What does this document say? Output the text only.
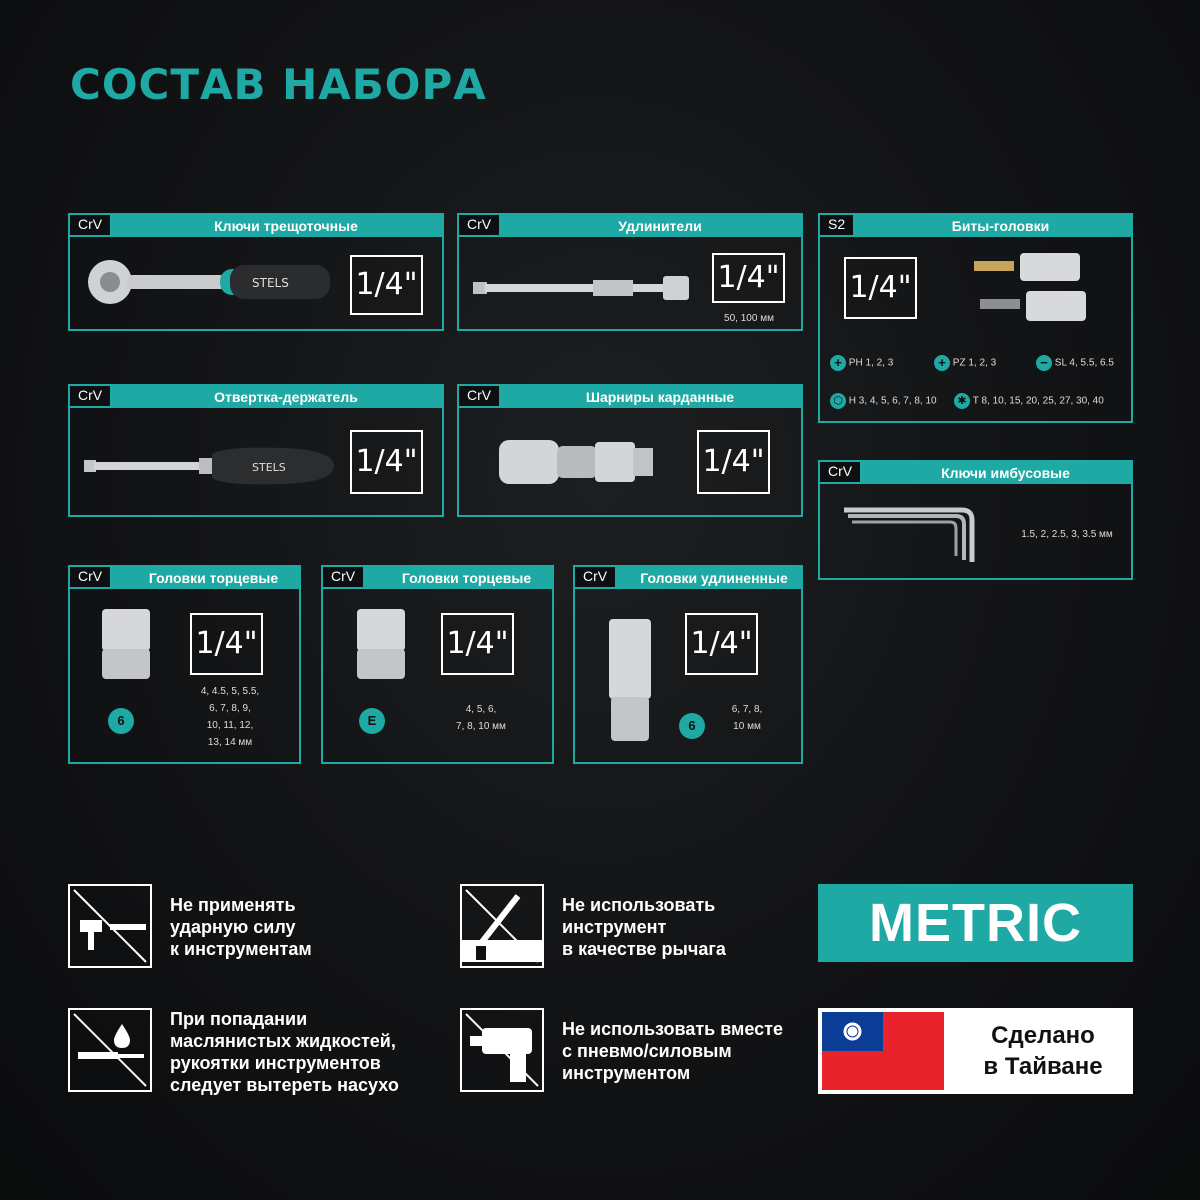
СОСТАВ НАБОРА
CrV	Ключи трещоточные
STELS 1/4"
CrV	Удлинители
1/4"
50, 100 мм
S2	Биты-головки
1/4"
+ PH 1, 2, 3	+ PZ 1, 2, 3	− SL 4, 5.5, 6.5
⬡ H 3, 4, 5, 6, 7, 8, 10	✱ T 8, 10, 15, 20, 25, 27, 30, 40
CrV	Отвертка-держатель
STELS 1/4"
CrV	Шарниры карданные
1/4"	CrV	Ключи имбусовые
1.5, 2, 2.5, 3, 3.5 мм
CrV	Головки торцевые
1/4"
6
4, 4.5, 5, 5.5,
6, 7, 8, 9,
10, 11, 12,
13, 14 мм
CrV	Головки торцевые
1/4"
E
4, 5, 6,
7, 8, 10 мм
CrV	Головки удлиненные
1/4"
6
6, 7, 8,
10 мм
Не применять
ударную силу
к инструментам
Не использовать
инструмент
в качестве рычага
При попадании
маслянистых жидкостей,
рукоятки инструментов
следует вытереть насухо
Не использовать вместе
с пневмо/силовым
инструментом
METRIC
Сделано
в Тайване
